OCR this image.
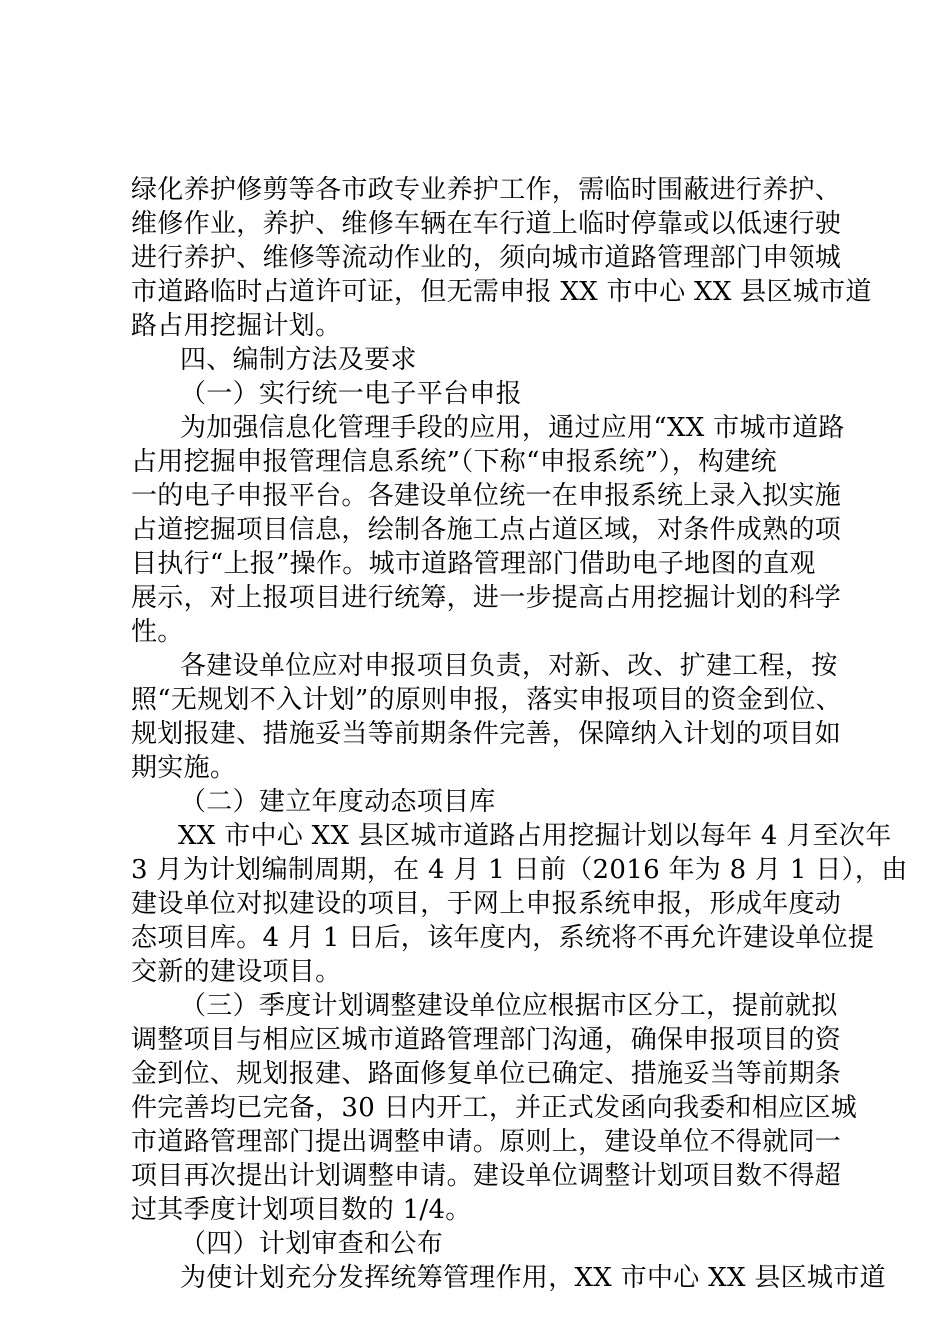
绿化养护修剪等各市政专业养护工作，需临时围蔽进行养护、
维修作业，养护、维修车辆在车行道上临时停靠或以低速行驶
进行养护、维修等流动作业的，须向城市道路管理部门申领城
市道路临时占道许可证，但无需申报 XX 市中心 XX 县区城市道
路占用挖掘计划。
四、编制方法及要求
（一）实行统一电子平台申报
为加强信息化管理手段的应用，通过应用“XX 市城市道路
占用挖掘申报管理信息系统”（下称“申报系统”），构建统
一的电子申报平台。各建设单位统一在申报系统上录入拟实施
占道挖掘项目信息，绘制各施工点占道区域，对条件成熟的项
目执行“上报”操作。城市道路管理部门借助电子地图的直观
展示，对上报项目进行统筹，进一步提高占用挖掘计划的科学
性。
各建设单位应对申报项目负责，对新、改、扩建工程，按
照“无规划不入计划”的原则申报，落实申报项目的资金到位、
规划报建、措施妥当等前期条件完善，保障纳入计划的项目如
期实施。
（二）建立年度动态项目库
XX 市中心 XX 县区城市道路占用挖掘计划以每年 4 月至次年
3 月为计划编制周期，在 4 月 1 日前（2016 年为 8 月 1 日），由
建设单位对拟建设的项目，于网上申报系统申报，形成年度动
态项目库。4 月 1 日后，该年度内，系统将不再允许建设单位提
交新的建设项目。
（三）季度计划调整建设单位应根据市区分工，提前就拟
调整项目与相应区城市道路管理部门沟通，确保申报项目的资
金到位、规划报建、路面修复单位已确定、措施妥当等前期条
件完善均已完备，30 日内开工，并正式发函向我委和相应区城
市道路管理部门提出调整申请。原则上，建设单位不得就同一
项目再次提出计划调整申请。建设单位调整计划项目数不得超
过其季度计划项目数的 1/4。
（四）计划审查和公布
为使计划充分发挥统筹管理作用，XX 市中心 XX 县区城市道
